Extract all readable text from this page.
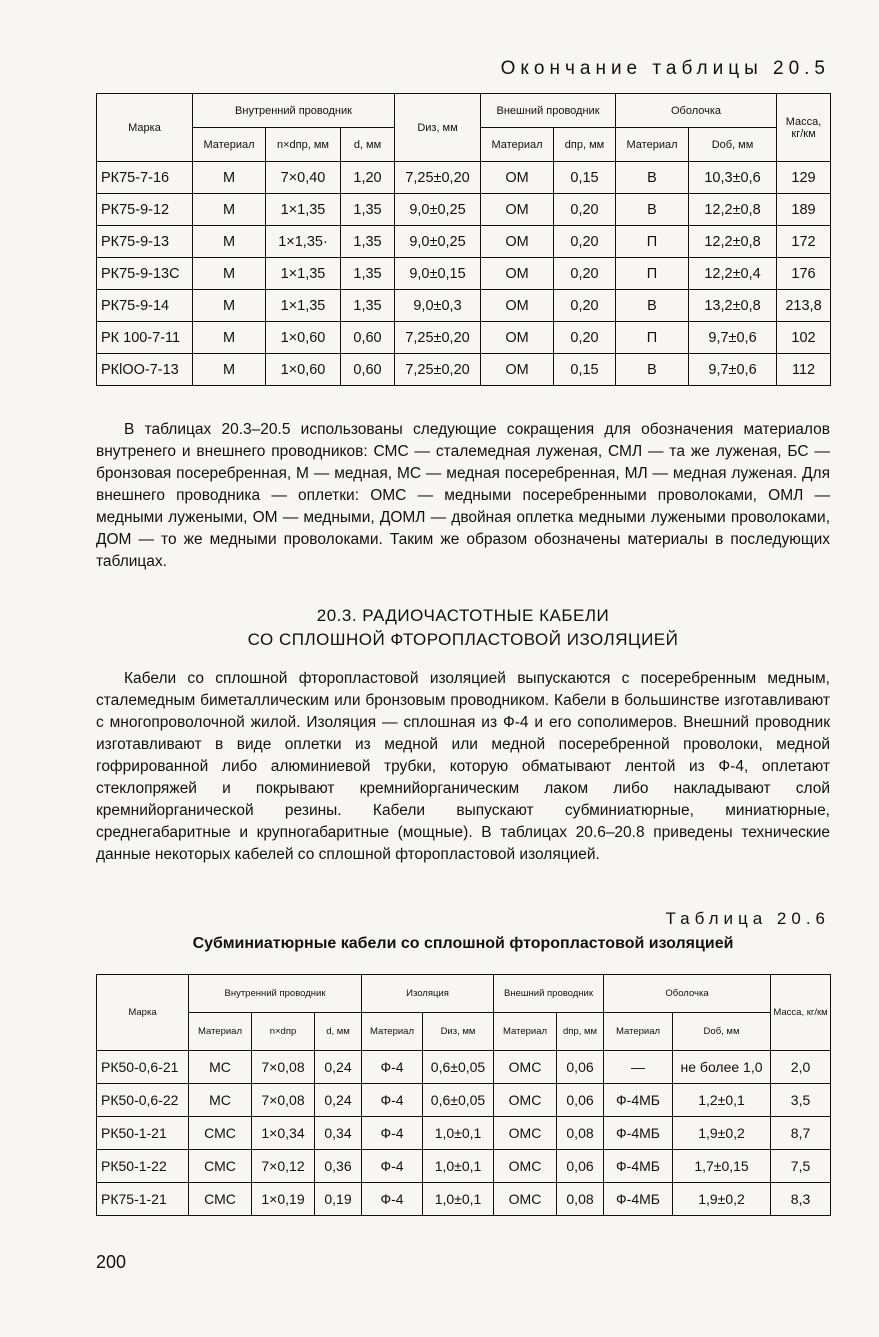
Окончание таблицы 20.5
Марка	Внутренний проводник			Dиз, мм	Внешний проводник		Оболочка		Масса, кг/км
	Материал	n×dпр, мм	d, мм		Материал	dпр, мм	Материал	Dоб, мм	
РК75-7-16	М	7×0,40	1,20	7,25±0,20	ОМ	0,15	В	10,3±0,6	129
РК75-9-12	М	1×1,35	1,35	9,0±0,25	ОМ	0,20	В	12,2±0,8	189
РК75-9-13	М	1×1,35·	1,35	9,0±0,25	ОМ	0,20	П	12,2±0,8	172
РК75-9-13С	М	1×1,35	1,35	9,0±0,15	ОМ	0,20	П	12,2±0,4	176
РК75-9-14	М	1×1,35	1,35	9,0±0,3	ОМ	0,20	В	13,2±0,8	213,8
РК 100-7-11	М	1×0,60	0,60	7,25±0,20	ОМ	0,20	П	9,7±0,6	102
РКlОО-7-13	М	1×0,60	0,60	7,25±0,20	ОМ	0,15	В	9,7±0,6	112

В таблицах 20.3–20.5 использованы следующие сокращения для обозначения материалов внутренего и внешнего проводников: СМС — сталемедная луженая, СМЛ — та же луженая, БС — бронзовая посеребренная, М — медная, МС — медная посеребренная, МЛ — медная луженая. Для внешнего проводника — оплетки: ОМС — медными посеребренными проволоками, ОМЛ — медными лужеными, ОМ — медными, ДОМЛ — двойная оплетка медными лужеными проволоками, ДОМ — то же медными проволоками. Таким же образом обозначены материалы в последующих таблицах.

20.3. РАДИОЧАСТОТНЫЕ КАБЕЛИ
СО СПЛОШНОЙ ФТОРОПЛАСТОВОЙ ИЗОЛЯЦИЕЙ

Кабели со сплошной фторопластовой изоляцией выпускаются с посеребренным медным, сталемедным биметаллическим или бронзовым проводником. Кабели в большинстве изготавливают с многопроволочной жилой. Изоляция — сплошная из Ф-4 и его сополимеров. Внешний проводник изготавливают в виде оплетки из медной или медной посеребренной проволоки, медной гофрированной либо алюминиевой трубки, которую обматывают лентой из Ф-4, оплетают стеклопряжей и покрывают кремнийорганическим лаком либо накладывают слой кремнийорганической резины. Кабели выпускают субминиатюрные, миниатюрные, среднегабаритные и крупногабаритные (мощные). В таблицах 20.6–20.8 приведены технические данные некоторых кабелей со сплошной фторопластовой изоляцией.

Таблица 20.6
Субминиатюрные кабели со сплошной фторопластовой изоляцией
Марка	Внутренний проводник			Изоляция		Внешний проводник		Оболочка		Масса, кг/км
	Материал	n×dпр	d, мм	Материал	Dиз, мм	Материал	dпр, мм	Материал	Dоб, мм	
РК50-0,6-21	МС	7×0,08	0,24	Ф-4	0,6±0,05	ОМС	0,06	—	не более 1,0	2,0
РК50-0,6-22	МС	7×0,08	0,24	Ф-4	0,6±0,05	ОМС	0,06	Ф-4МБ	1,2±0,1	3,5
РК50-1-21	СМС	1×0,34	0,34	Ф-4	1,0±0,1	ОМС	0,08	Ф-4МБ	1,9±0,2	8,7
РК50-1-22	СМС	7×0,12	0,36	Ф-4	1,0±0,1	ОМС	0,06	Ф-4МБ	1,7±0,15	7,5
РК75-1-21	СМС	1×0,19	0,19	Ф-4	1,0±0,1	ОМС	0,08	Ф-4МБ	1,9±0,2	8,3
200
